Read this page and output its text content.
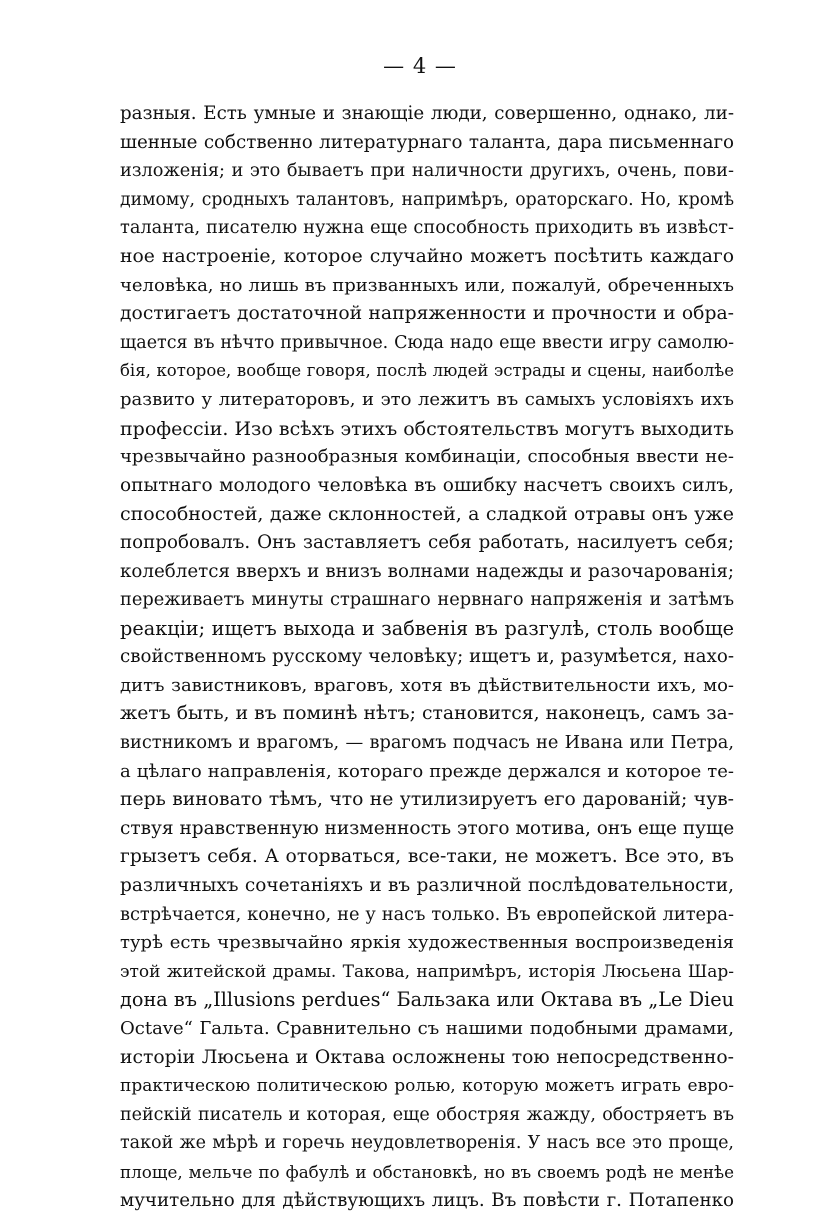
— 4 —
разныя. Есть умные и знающіе люди, совершенно, однако, ли-
шенные собственно литературнаго таланта, дара письменнаго
изложенія; и это бываетъ при наличности другихъ, очень, пови-
димому, сродныхъ талантовъ, напримѣръ, ораторскаго. Но, кромѣ
таланта, писателю нужна еще способность приходить въ извѣст-
ное настроеніе, которое случайно можетъ посѣтить каждаго
человѣка, но лишь въ призванныхъ или, пожалуй, обреченныхъ
достигаетъ достаточной напряженности и прочности и обра-
щается въ нѣчто привычное. Сюда надо еще ввести игру самолю-
бія, которое, вообще говоря, послѣ людей эстрады и сцены, наиболѣе
развито у литераторовъ, и это лежитъ въ самыхъ условіяхъ ихъ
профессіи. Изо всѣхъ этихъ обстоятельствъ могутъ выходить
чрезвычайно разнообразныя комбинаціи, способныя ввести не-
опытнаго молодого человѣка въ ошибку насчетъ своихъ силъ,
способностей, даже склонностей, а сладкой отравы онъ уже
попробовалъ. Онъ заставляетъ себя работать, насилуетъ себя;
колеблется вверхъ и внизъ волнами надежды и разочарованія;
переживаетъ минуты страшнаго нервнаго напряженія и затѣмъ
реакціи; ищетъ выхода и забвенія въ разгулѣ, столь вообще
свойственномъ русскому человѣку; ищетъ и, разумѣется, нахо-
дитъ завистниковъ, враговъ, хотя въ дѣйствительности ихъ, мо-
жетъ быть, и въ поминѣ нѣтъ; становится, наконецъ, самъ за-
вистникомъ и врагомъ, — врагомъ подчасъ не Ивана или Петра,
а цѣлаго направленія, котораго прежде держался и которое те-
перь виновато тѣмъ, что не утилизируетъ его дарованій; чув-
ствуя нравственную низменность этого мотива, онъ еще пуще
грызетъ себя. А оторваться, все-таки, не можетъ. Все это, въ
различныхъ сочетаніяхъ и въ различной послѣдовательности,
встрѣчается, конечно, не у насъ только. Въ европейской литера-
турѣ есть чрезвычайно яркія художественныя воспроизведенія
этой житейской драмы. Такова, напримѣръ, исторія Люсьена Шар-
дона въ „Illusions perdues“ Бальзака или Октава въ „Le Dieu
Octave“ Гальта. Сравнительно съ нашими подобными драмами,
исторіи Люсьена и Октава осложнены тою непосредственно-
практическою политическою ролью, которую можетъ играть евро-
пейскій писатель и которая, еще обостряя жажду, обостряетъ въ
такой же мѣрѣ и горечь неудовлетворенія. У насъ все это проще,
площе, мельче по фабулѣ и обстановкѣ, но въ своемъ родѣ не менѣе
мучительно для дѣйствующихъ лицъ. Въ повѣсти г. Потапенко
